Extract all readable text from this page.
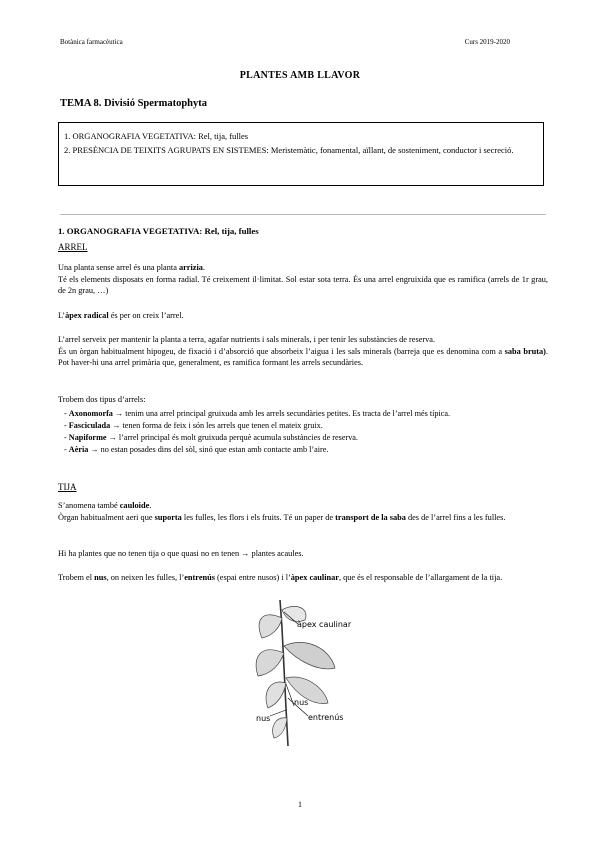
Botànica farmacèutica	Curs 2019-2020
PLANTES AMB LLAVOR
TEMA 8. Divisió Spermatophyta
1. ORGANOGRAFIA VEGETATIVA: Rel, tija, fulles
2. PRESÈNCIA DE TEIXITS AGRUPATS EN SISTEMES: Meristemàtic, fonamental, aïllant, de sosteniment, conductor i secreció.
1. ORGANOGRAFIA VEGETATIVA: Rel, tija, fulles
ARREL
Una planta sense arrel és una planta arrizia.
Té els elements disposats en forma radial. Té creixement il·limitat. Sol estar sota terra. És una arrel engruixida que es ramifica (arrels de 1r grau, de 2n grau, …)
L’àpex radical és per on creix l’arrel.
L’arrel serveix per mantenir la planta a terra, agafar nutrients i sals minerals, i per tenir les substàncies de reserva.
És un òrgan habitualment hipogeu, de fixació i d’absorció que absorbeix l’aigua i les sals minerals (barreja que es denomina com a saba bruta). Pot haver-hi una arrel primària que, generalment, es ramifica formant les arrels secundàries.
Trobem dos tipus d’arrels:
- Axonomorfa → tenim una arrel principal gruixuda amb les arrels secundàries petites. Es tracta de l’arrel més típica.
- Fasciculada → tenen forma de feix i són les arrels que tenen el mateix gruix.
- Napiforme → l’arrel principal és molt gruixuda perquè acumula substàncies de reserva.
- Aèria → no estan posades dins del sòl, sinó que estan amb contacte amb l’aire.
TIJA
S’anomena també cauloide.
Òrgan habitualment aeri que suporta les fulles, les flors i els fruits. Té un paper de transport de la saba des de l’arrel fins a les fulles.
Hi ha plantes que no tenen tija o que quasi no en tenen → plantes acaules.
Trobem el nus, on neixen les fulles, l’entrenús (espai entre nusos) i l’àpex caulinar, que és el responsable de l’allargament de la tija.
àpex caulinar
nus
entrenús
nus
1
